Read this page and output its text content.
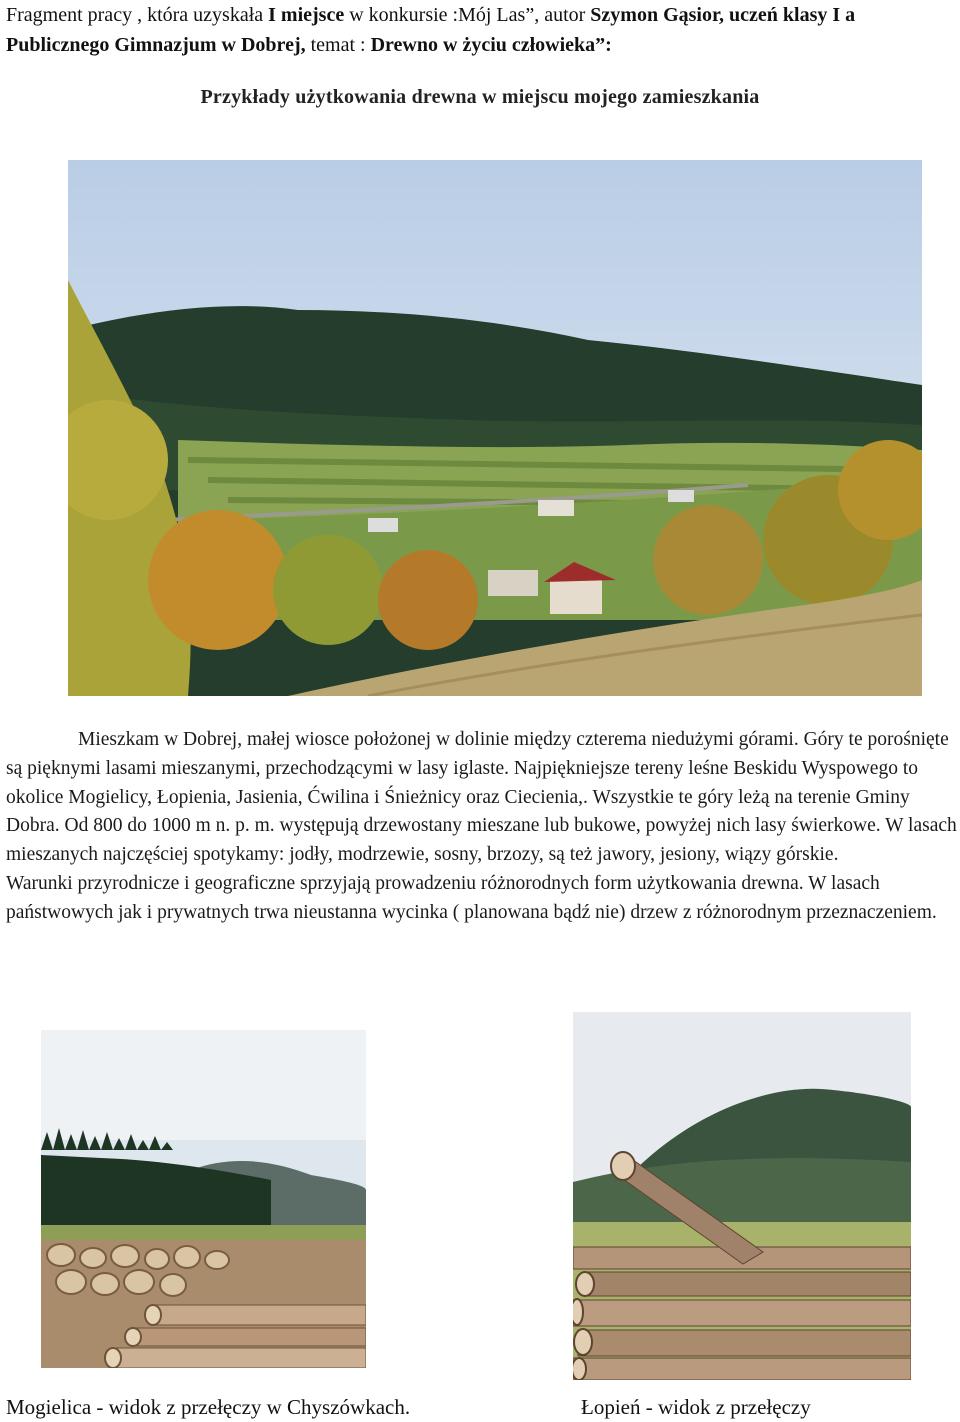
Fragment pracy , która uzyskała I miejsce w konkursie :Mój Las”, autor Szymon Gąsior, uczeń klasy I a Publicznego Gimnazjum w Dobrej, temat : Drewno w życiu człowieka”:
Przykłady użytkowania drewna w miejscu mojego zamieszkania

Mieszkam w Dobrej, małej wiosce położonej w dolinie między czterema niedużymi górami. Góry te porośnięte są pięknymi lasami mieszanymi, przechodzącymi w lasy iglaste. Najpiękniejsze tereny leśne Beskidu Wyspowego to okolice Mogielicy, Łopienia, Jasienia, Ćwilina i Śnieżnicy oraz Ciecienia,. Wszystkie te góry leżą na terenie Gminy Dobra. Od 800 do 1000 m n. p. m. występują drzewostany mieszane lub bukowe, powyżej nich lasy świerkowe. W lasach mieszanych najczęściej spotykamy: jodły, modrzewie, sosny, brzozy, są też jawory, jesiony, wiązy górskie.

Warunki przyrodnicze i geograficzne sprzyjają prowadzeniu różnorodnych form użytkowania drewna. W lasach państwowych jak i prywatnych trwa nieustanna wycinka ( planowana bądź nie) drzew z różnorodnym przeznaczeniem.

Mogielica - widok z przełęczy w Chyszówkach.	Łopień - widok z przełęczy
